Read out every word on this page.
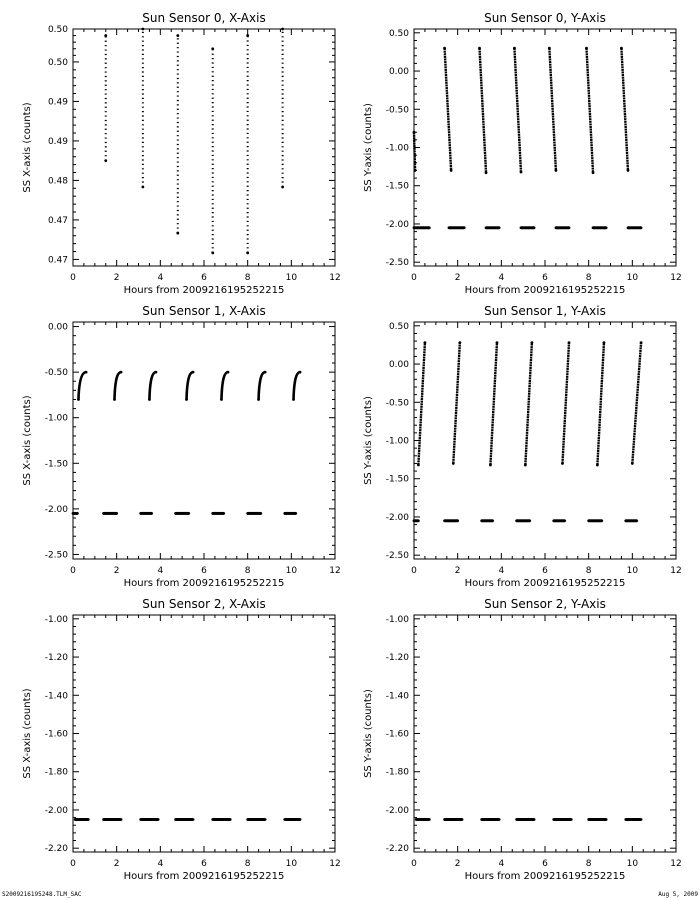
Sun Sensor 0, X-Axis
0	2	4	6	8	10	12
0.47
0.47
0.48
0.49
0.49
0.50
0.50
Hours from 2009216195252215
SS X-axis (counts)
Sun Sensor 0, Y-Axis
0	2	4	6	8	10	12
0.50
0.00
-0.50
-1.00
-1.50
-2.00
-2.50
Hours from 2009216195252215
SS Y-axis (counts)
Sun Sensor 1, X-Axis
0	2	4	6	8	10	12
0.00
-0.50
-1.00
-1.50
-2.00
-2.50
Hours from 2009216195252215
SS X-axis (counts)
Sun Sensor 1, Y-Axis
0	2	4	6	8	10	12
0.50
0.00
-0.50
-1.00
-1.50
-2.00
-2.50
Hours from 2009216195252215
SS Y-axis (counts)
Sun Sensor 2, X-Axis
0	2	4	6	8	10	12
-1.00
-1.20
-1.40
-1.60
-1.80
-2.00
-2.20
Hours from 2009216195252215
SS X-axis (counts)
Sun Sensor 2, Y-Axis
0	2	4	6	8	10	12
-1.00
-1.20
-1.40
-1.60
-1.80
-2.00
-2.20
Hours from 2009216195252215
SS Y-axis (counts)
S2009216195248.TLM_SAC	Aug 5, 2009
